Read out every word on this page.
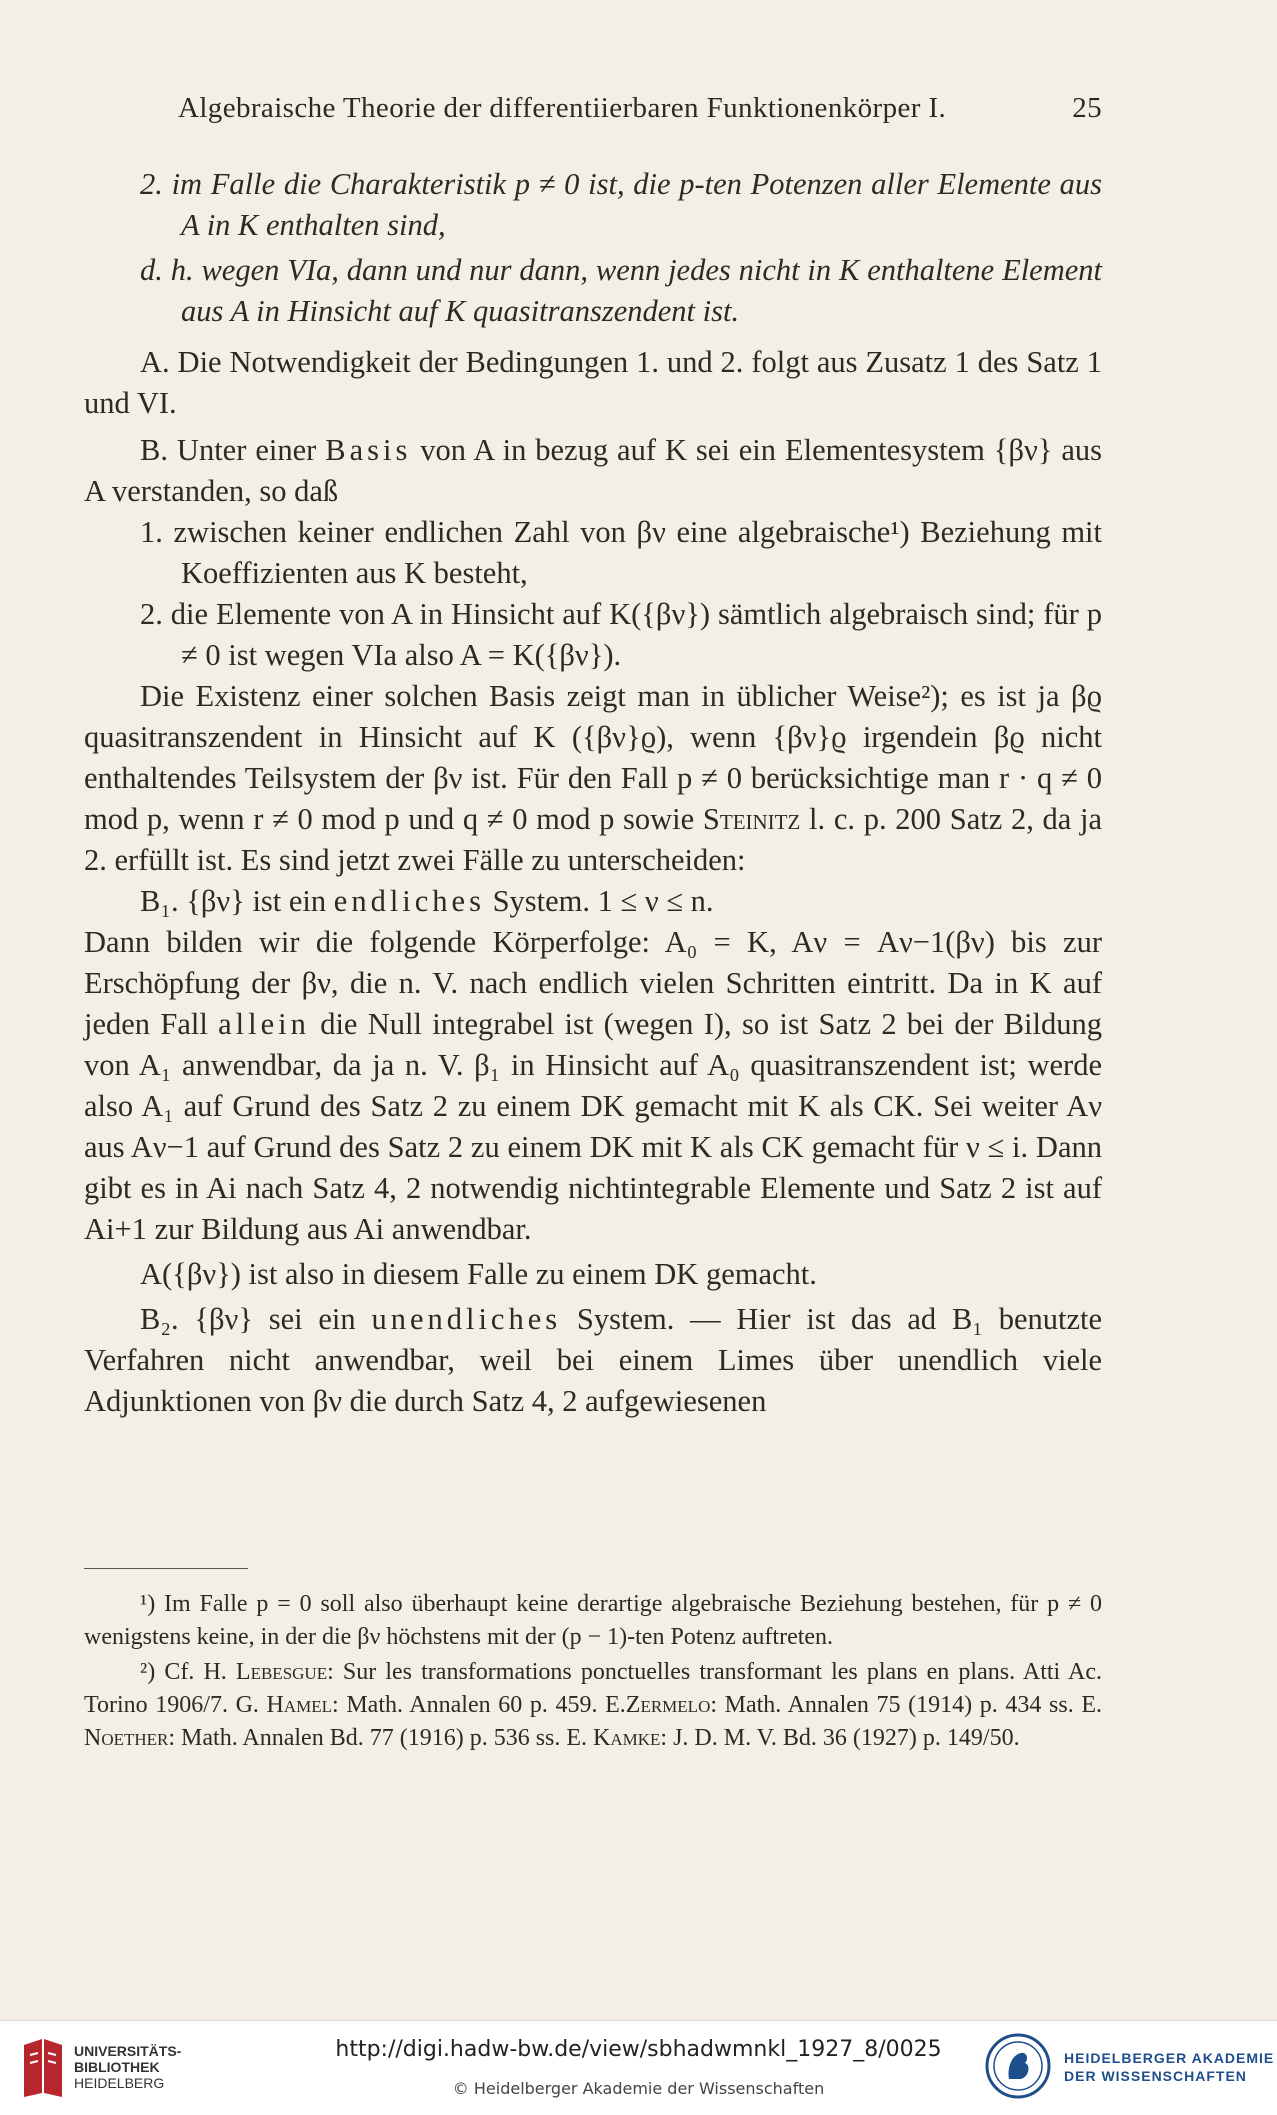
Algebraische Theorie der differentiierbaren Funktionenkörper I.	25

2. im Falle die Charakteristik p ≠ 0 ist, die p-ten Potenzen aller Elemente aus A in K enthalten sind,

d. h. wegen VIa, dann und nur dann, wenn jedes nicht in K enthaltene Element aus A in Hinsicht auf K quasitranszendent ist.

A. Die Notwendigkeit der Bedingungen 1. und 2. folgt aus Zusatz 1 des Satz 1 und VI.

B. Unter einer Basis von A in bezug auf K sei ein Elementesystem {βν} aus A verstanden, so daß

1. zwischen keiner endlichen Zahl von βν eine algebraische¹) Beziehung mit Koeffizienten aus K besteht,

2. die Elemente von A in Hinsicht auf K({βν}) sämtlich algebraisch sind; für p ≠ 0 ist wegen VIa also A = K({βν}).

Die Existenz einer solchen Basis zeigt man in üblicher Weise²); es ist ja βϱ quasitranszendent in Hinsicht auf K ({βν}ϱ), wenn {βν}ϱ irgendein βϱ nicht enthaltendes Teilsystem der βν ist. Für den Fall p ≠ 0 berücksichtige man r · q ≠ 0 mod p, wenn r ≠ 0 mod p und q ≠ 0 mod p sowie Steinitz l. c. p. 200 Satz 2, da ja 2. erfüllt ist. Es sind jetzt zwei Fälle zu unterscheiden:

B₁. {βν} ist ein endliches System. 1 ≤ ν ≤ n.

Dann bilden wir die folgende Körperfolge: A₀ = K, Aν = Aν−1(βν) bis zur Erschöpfung der βν, die n. V. nach endlich vielen Schritten eintritt. Da in K auf jeden Fall allein die Null integrabel ist (wegen I), so ist Satz 2 bei der Bildung von A₁ anwendbar, da ja n. V. β₁ in Hinsicht auf A₀ quasitranszendent ist; werde also A₁ auf Grund des Satz 2 zu einem DK gemacht mit K als CK. Sei weiter Aν aus Aν−1 auf Grund des Satz 2 zu einem DK mit K als CK gemacht für ν ≤ i. Dann gibt es in Ai nach Satz 4, 2 notwendig nichtintegrable Elemente und Satz 2 ist auf Ai+1 zur Bildung aus Ai anwendbar.

A({βν}) ist also in diesem Falle zu einem DK gemacht.

B₂. {βν} sei ein unendliches System. — Hier ist das ad B₁ benutzte Verfahren nicht anwendbar, weil bei einem Limes über unendlich viele Adjunktionen von βν die durch Satz 4, 2 aufgewiesenen

¹) Im Falle p = 0 soll also überhaupt keine derartige algebraische Beziehung bestehen, für p ≠ 0 wenigstens keine, in der die βν höchstens mit der (p − 1)-ten Potenz auftreten.

²) Cf. H. Lebesgue: Sur les transformations ponctuelles transformant les plans en plans. Atti Ac. Torino 1906/7. G. Hamel: Math. Annalen 60 p. 459. E.Zermelo: Math. Annalen 75 (1914) p. 434 ss. E. Noether: Math. Annalen Bd. 77 (1916) p. 536 ss. E. Kamke: J. D. M. V. Bd. 36 (1927) p. 149/50.

UNIVERSITÄTS-
BIBLIOTHEK
HEIDELBERG
http://digi.hadw-bw.de/view/sbhadwmnkl_1927_8/0025
© Heidelberger Akademie der Wissenschaften
HEIDELBERGER AKADEMIE
DER WISSENSCHAFTEN
